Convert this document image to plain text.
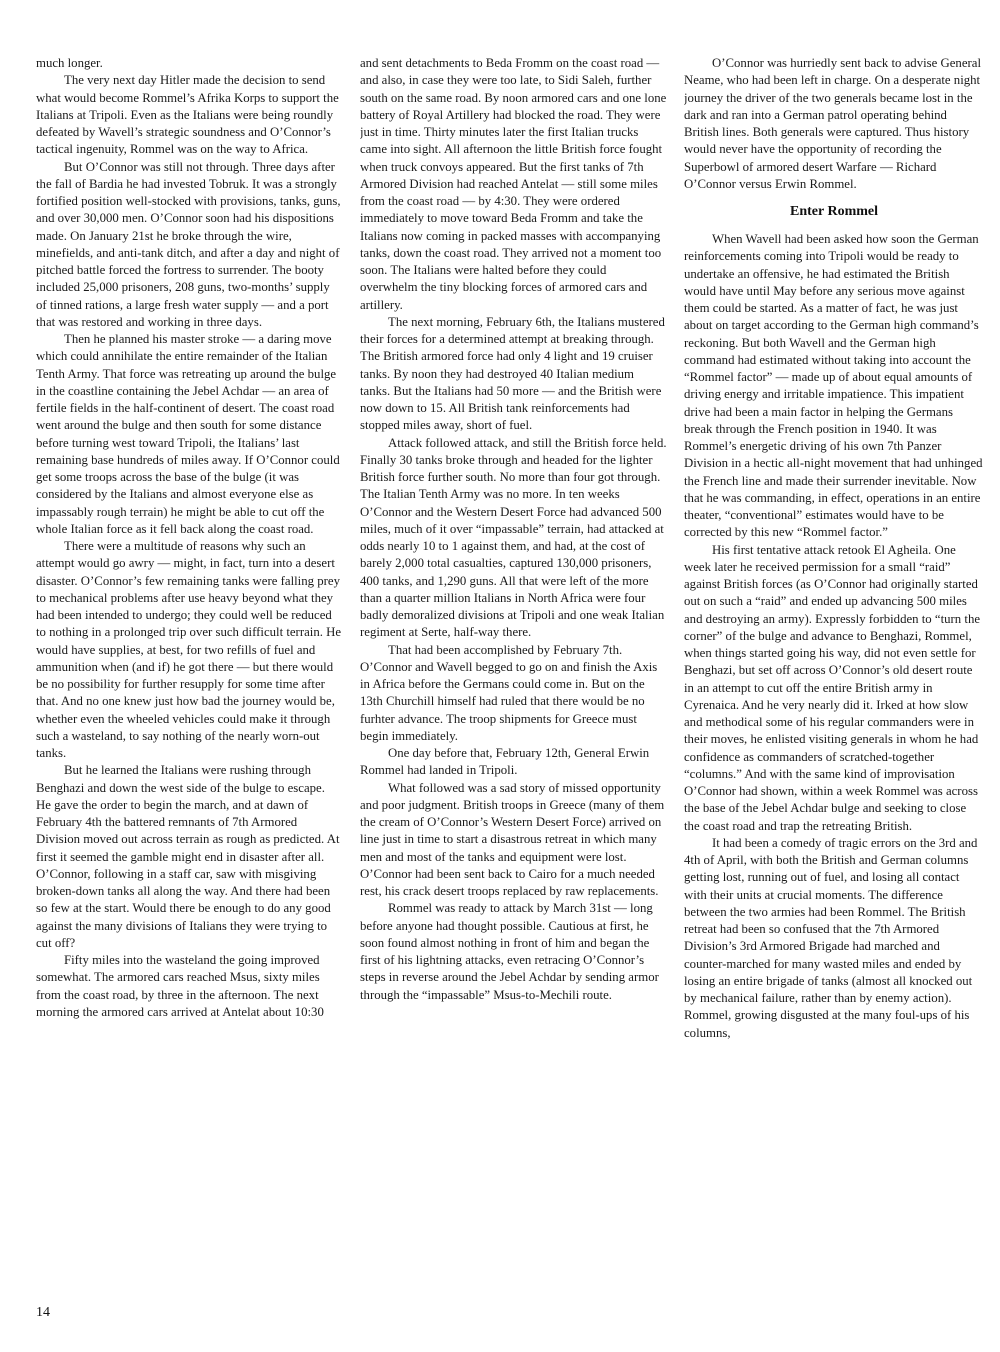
much longer.

The very next day Hitler made the decision to send what would become Rommel’s Afrika Korps to support the Italians at Tripoli. Even as the Italians were being roundly defeated by Wavell’s strategic soundness and O’Connor’s tactical ingenuity, Rommel was on the way to Africa.

But O’Connor was still not through. Three days after the fall of Bardia he had invested Tobruk. It was a strongly fortified position well-stocked with provisions, tanks, guns, and over 30,000 men. O’Connor soon had his dispositions made. On January 21st he broke through the wire, minefields, and anti-tank ditch, and after a day and night of pitched battle forced the fortress to surrender. The booty included 25,000 prisoners, 208 guns, two-months’ supply of tinned rations, a large fresh water supply — and a port that was restored and working in three days.

Then he planned his master stroke — a daring move which could annihilate the entire remainder of the Italian Tenth Army. That force was retreating up around the bulge in the coastline containing the Jebel Achdar — an area of fertile fields in the half-continent of desert. The coast road went around the bulge and then south for some distance before turning west toward Tripoli, the Italians’ last remaining base hundreds of miles away. If O’Connor could get some troops across the base of the bulge (it was considered by the Italians and almost everyone else as impassably rough terrain) he might be able to cut off the whole Italian force as it fell back along the coast road.

There were a multitude of reasons why such an attempt would go awry — might, in fact, turn into a desert disaster. O’Connor’s few remaining tanks were falling prey to mechanical problems after use heavy beyond what they had been intended to undergo; they could well be reduced to nothing in a prolonged trip over such difficult terrain. He would have supplies, at best, for two refills of fuel and ammunition when (and if) he got there — but there would be no possibility for further resupply for some time after that. And no one knew just how bad the journey would be, whether even the wheeled vehicles could make it through such a wasteland, to say nothing of the nearly worn-out tanks.

But he learned the Italians were rushing through Benghazi and down the west side of the bulge to escape. He gave the order to begin the march, and at dawn of February 4th the battered remnants of 7th Armored Division moved out across terrain as rough as predicted. At first it seemed the gamble might end in disaster after all. O’Connor, following in a staff car, saw with misgiving broken-down tanks all along the way. And there had been so few at the start. Would there be enough to do any good against the many divisions of Italians they were trying to cut off?

Fifty miles into the wasteland the going improved somewhat. The armored cars reached Msus, sixty miles from the coast road, by three in the afternoon. The next morning the armored cars arrived at Antelat about 10:30

and sent detachments to Beda Fromm on the coast road — and also, in case they were too late, to Sidi Saleh, further south on the same road. By noon armored cars and one lone battery of Royal Artillery had blocked the road. They were just in time. Thirty minutes later the first Italian trucks came into sight. All afternoon the little British force fought when truck convoys appeared. But the first tanks of 7th Armored Division had reached Antelat — still some miles from the coast road — by 4:30. They were ordered immediately to move toward Beda Fromm and take the Italians now coming in packed masses with accompanying tanks, down the coast road. They arrived not a moment too soon. The Italians were halted before they could overwhelm the tiny blocking forces of armored cars and artillery.

The next morning, February 6th, the Italians mustered their forces for a determined attempt at breaking through. The British armored force had only 4 light and 19 cruiser tanks. By noon they had destroyed 40 Italian medium tanks. But the Italians had 50 more — and the British were now down to 15. All British tank reinforcements had stopped miles away, short of fuel.

Attack followed attack, and still the British force held. Finally 30 tanks broke through and headed for the lighter British force further south. No more than four got through. The Italian Tenth Army was no more. In ten weeks O’Connor and the Western Desert Force had advanced 500 miles, much of it over “impassable” terrain, had attacked at odds nearly 10 to 1 against them, and had, at the cost of barely 2,000 total casualties, captured 130,000 prisoners, 400 tanks, and 1,290 guns. All that were left of the more than a quarter million Italians in North Africa were four badly demoralized divisions at Tripoli and one weak Italian regiment at Serte, half-way there.

That had been accomplished by February 7th. O’Connor and Wavell begged to go on and finish the Axis in Africa before the Germans could come in. But on the 13th Churchill himself had ruled that there would be no furhter advance. The troop shipments for Greece must begin immediately.

One day before that, February 12th, General Erwin Rommel had landed in Tripoli.

What followed was a sad story of missed opportunity and poor judgment. British troops in Greece (many of them the cream of O’Connor’s Western Desert Force) arrived on line just in time to start a disastrous retreat in which many men and most of the tanks and equipment were lost. O’Connor had been sent back to Cairo for a much needed rest, his crack desert troops replaced by raw replacements.

Rommel was ready to attack by March 31st — long before anyone had thought possible. Cautious at first, he soon found almost nothing in front of him and began the first of his lightning attacks, even retracing O’Connor’s steps in reverse around the Jebel Achdar by sending armor through the “impassable” Msus-to-Mechili route.

O’Connor was hurriedly sent back to advise General Neame, who had been left in charge. On a desperate night journey the driver of the two generals became lost in the dark and ran into a German patrol operating behind British lines. Both generals were captured. Thus history would never have the opportunity of recording the Superbowl of armored desert Warfare — Richard O’Connor versus Erwin Rommel.

Enter Rommel

When Wavell had been asked how soon the German reinforcements coming into Tripoli would be ready to undertake an offensive, he had estimated the British would have until May before any serious move against them could be started. As a matter of fact, he was just about on target according to the German high command’s reckoning. But both Wavell and the German high command had estimated without taking into account the “Rommel factor” — made up of about equal amounts of driving energy and irritable impatience. This impatient drive had been a main factor in helping the Germans break through the French position in 1940. It was Rommel’s energetic driving of his own 7th Panzer Division in a hectic all-night movement that had unhinged the French line and made their surrender inevitable. Now that he was commanding, in effect, operations in an entire theater, “conventional” estimates would have to be corrected by this new “Rommel factor.”

His first tentative attack retook El Agheila. One week later he received permission for a small “raid” against British forces (as O’Connor had originally started out on such a “raid” and ended up advancing 500 miles and destroying an army). Expressly forbidden to “turn the corner” of the bulge and advance to Benghazi, Rommel, when things started going his way, did not even settle for Benghazi, but set off across O’Connor’s old desert route in an attempt to cut off the entire British army in Cyrenaica. And he very nearly did it. Irked at how slow and methodical some of his regular commanders were in their moves, he enlisted visiting generals in whom he had confidence as commanders of scratched-together “columns.” And with the same kind of improvisation O’Connor had shown, within a week Rommel was across the base of the Jebel Achdar bulge and seeking to close the coast road and trap the retreating British.

It had been a comedy of tragic errors on the 3rd and 4th of April, with both the British and German columns getting lost, running out of fuel, and losing all contact with their units at crucial moments. The difference between the two armies had been Rommel. The British retreat had been so confused that the 7th Armored Division’s 3rd Armored Brigade had marched and counter-marched for many wasted miles and ended by losing an entire brigade of tanks (almost all knocked out by mechanical failure, rather than by enemy action). Rommel, growing disgusted at the many foul-ups of his columns,

14
